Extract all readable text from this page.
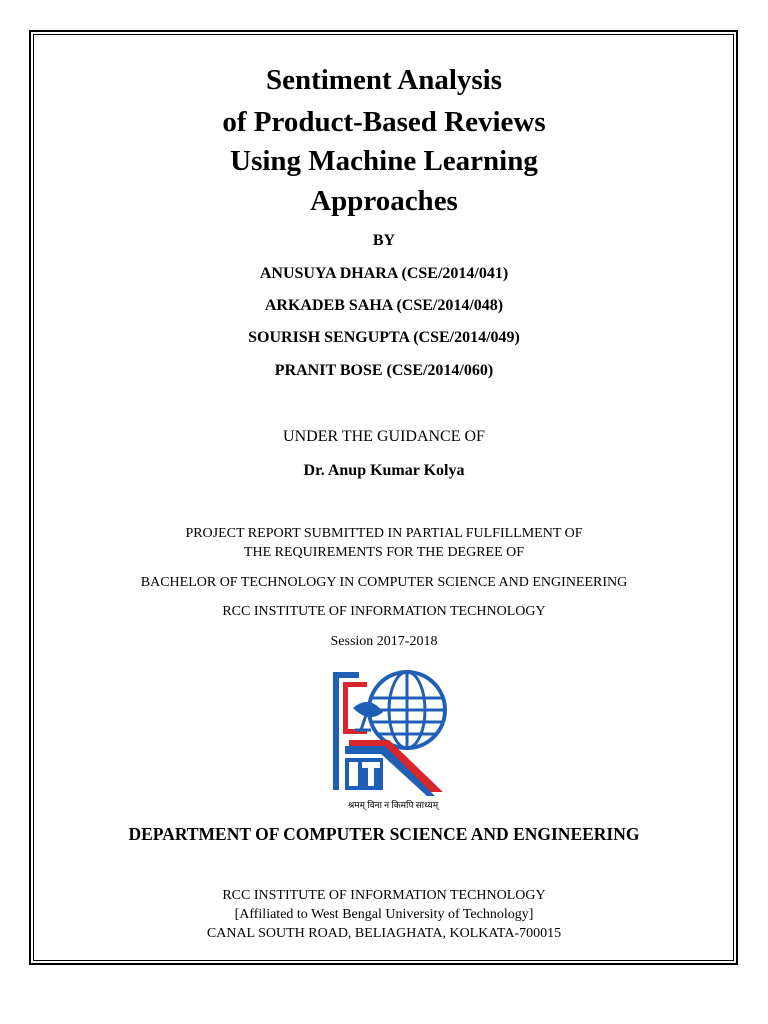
Sentiment Analysis
of Product-Based Reviews
Using Machine Learning
Approaches
BY
ANUSUYA DHARA (CSE/2014/041)
ARKADEB SAHA (CSE/2014/048)
SOURISH SENGUPTA (CSE/2014/049)
PRANIT BOSE (CSE/2014/060)
UNDER THE GUIDANCE OF
Dr. Anup Kumar Kolya
PROJECT REPORT SUBMITTED IN PARTIAL FULFILLMENT OF
THE REQUIREMENTS FOR THE DEGREE OF
BACHELOR OF TECHNOLOGY IN COMPUTER SCIENCE AND ENGINEERING
RCC INSTITUTE OF INFORMATION TECHNOLOGY
Session 2017-2018
श्रमम् विना न किमपि साध्यम्
DEPARTMENT OF COMPUTER SCIENCE AND ENGINEERING
RCC INSTITUTE OF INFORMATION TECHNOLOGY
[Affiliated to West Bengal University of Technology]
CANAL SOUTH ROAD, BELIAGHATA, KOLKATA-700015
